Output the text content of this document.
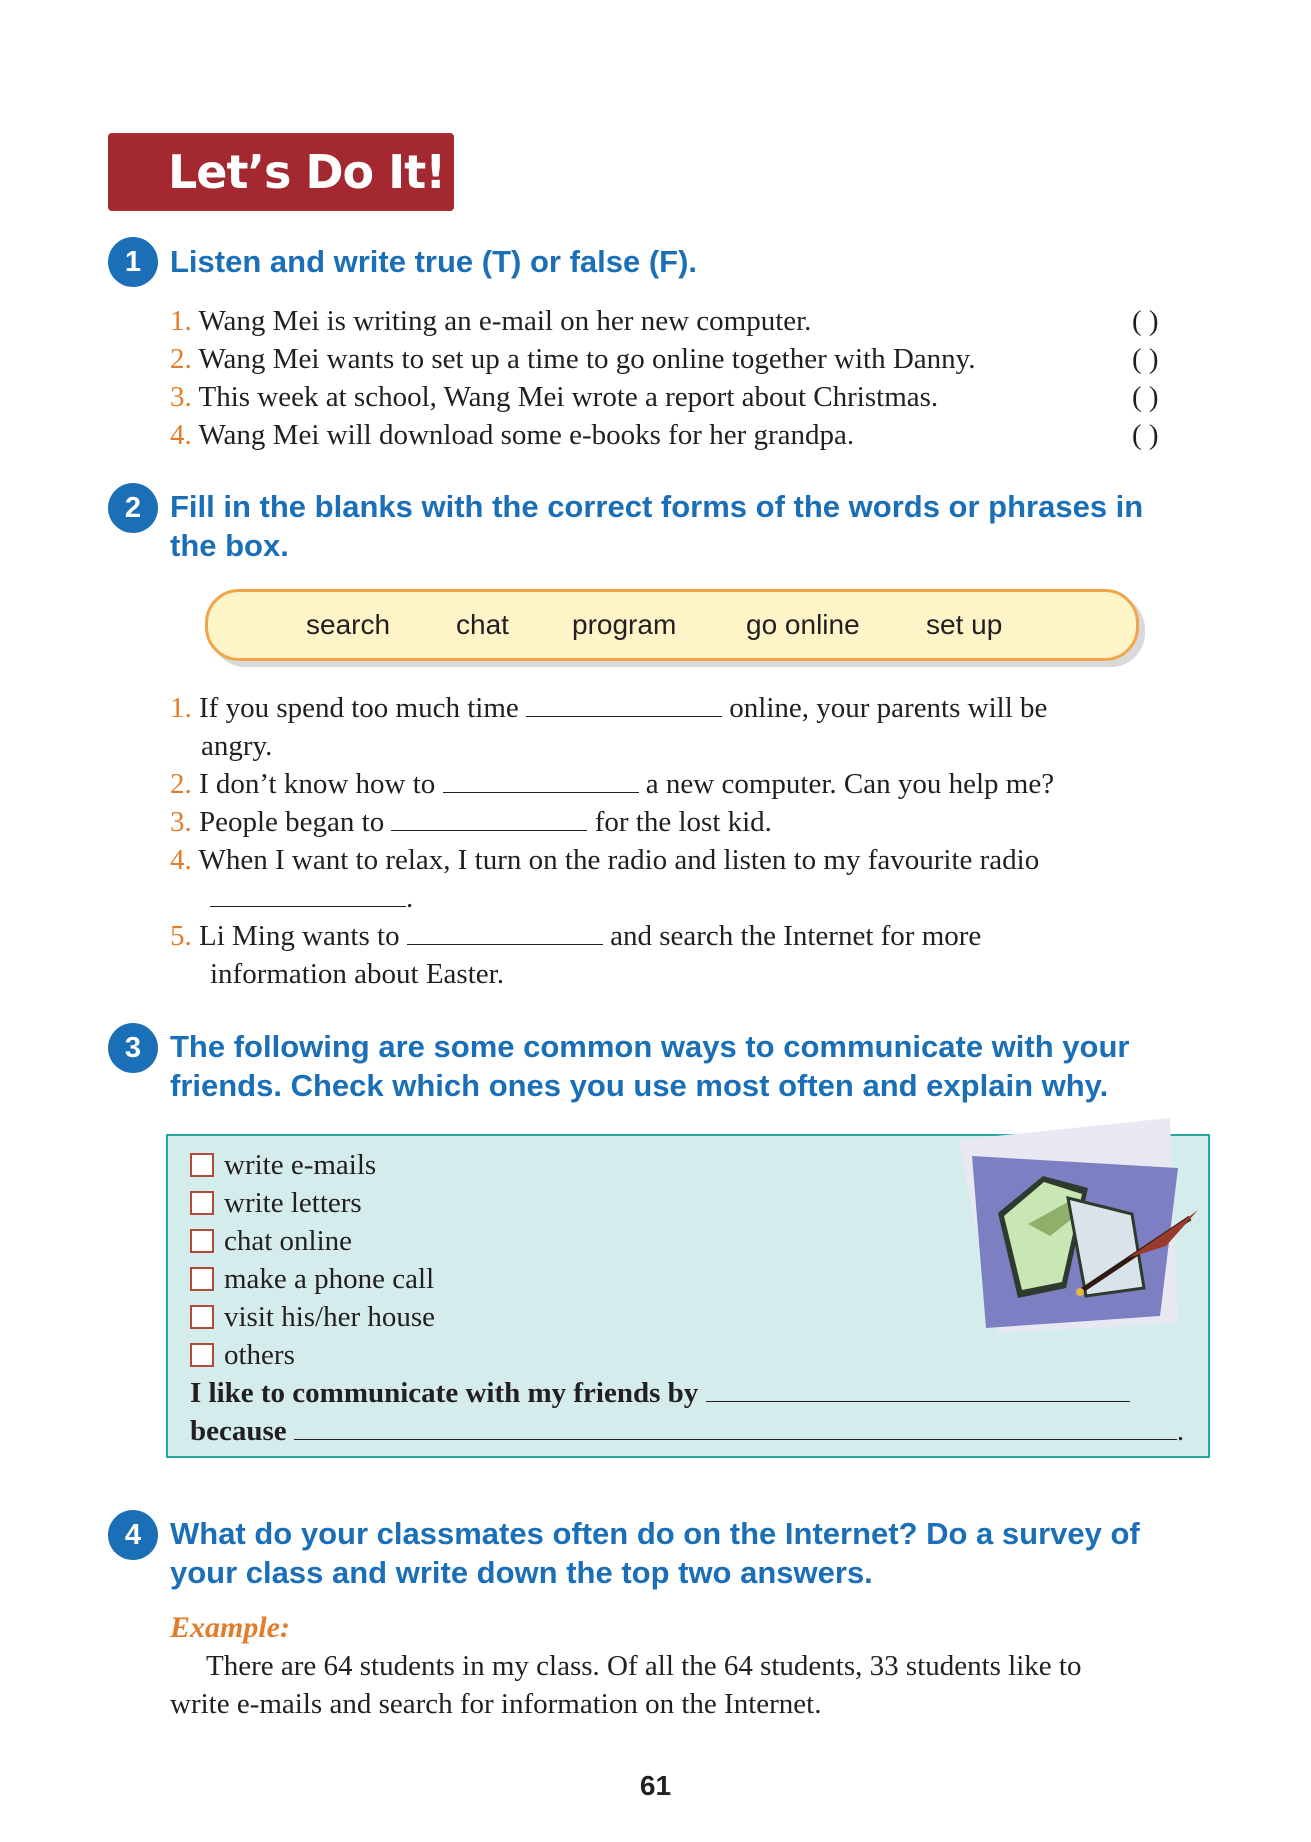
Let’s Do It!
1 Listen and write true (T) or false (F).
1. Wang Mei is writing an e-mail on her new computer.	( )
2. Wang Mei wants to set up a time to go online together with Danny.	( )
3. This week at school, Wang Mei wrote a report about Christmas.	( )
4. Wang Mei will download some e-books for her grandpa.	( )
2 Fill in the blanks with the correct forms of the words or phrases in
the box.
search chat program go online set up
1. If you spend too much time	online, your parents will be
angry.
2. I don’t know how to	a new computer. Can you help me?
3. People began to	for the lost kid.
4. When I want to relax, I turn on the radio and listen to my favourite radio
.
5. Li Ming wants to	and search the Internet for more
information about Easter.
3 The following are some common ways to communicate with your
friends. Check which ones you use most often and explain why.
write e-mails
write letters
chat online
make a phone call
visit his/her house
others
I like to communicate with my friends by
because	.
4 What do your classmates often do on the Internet? Do a survey of
your class and write down the top two answers.
Example:
There are 64 students in my class. Of all the 64 students, 33 students like to
write e-mails and search for information on the Internet.
61
